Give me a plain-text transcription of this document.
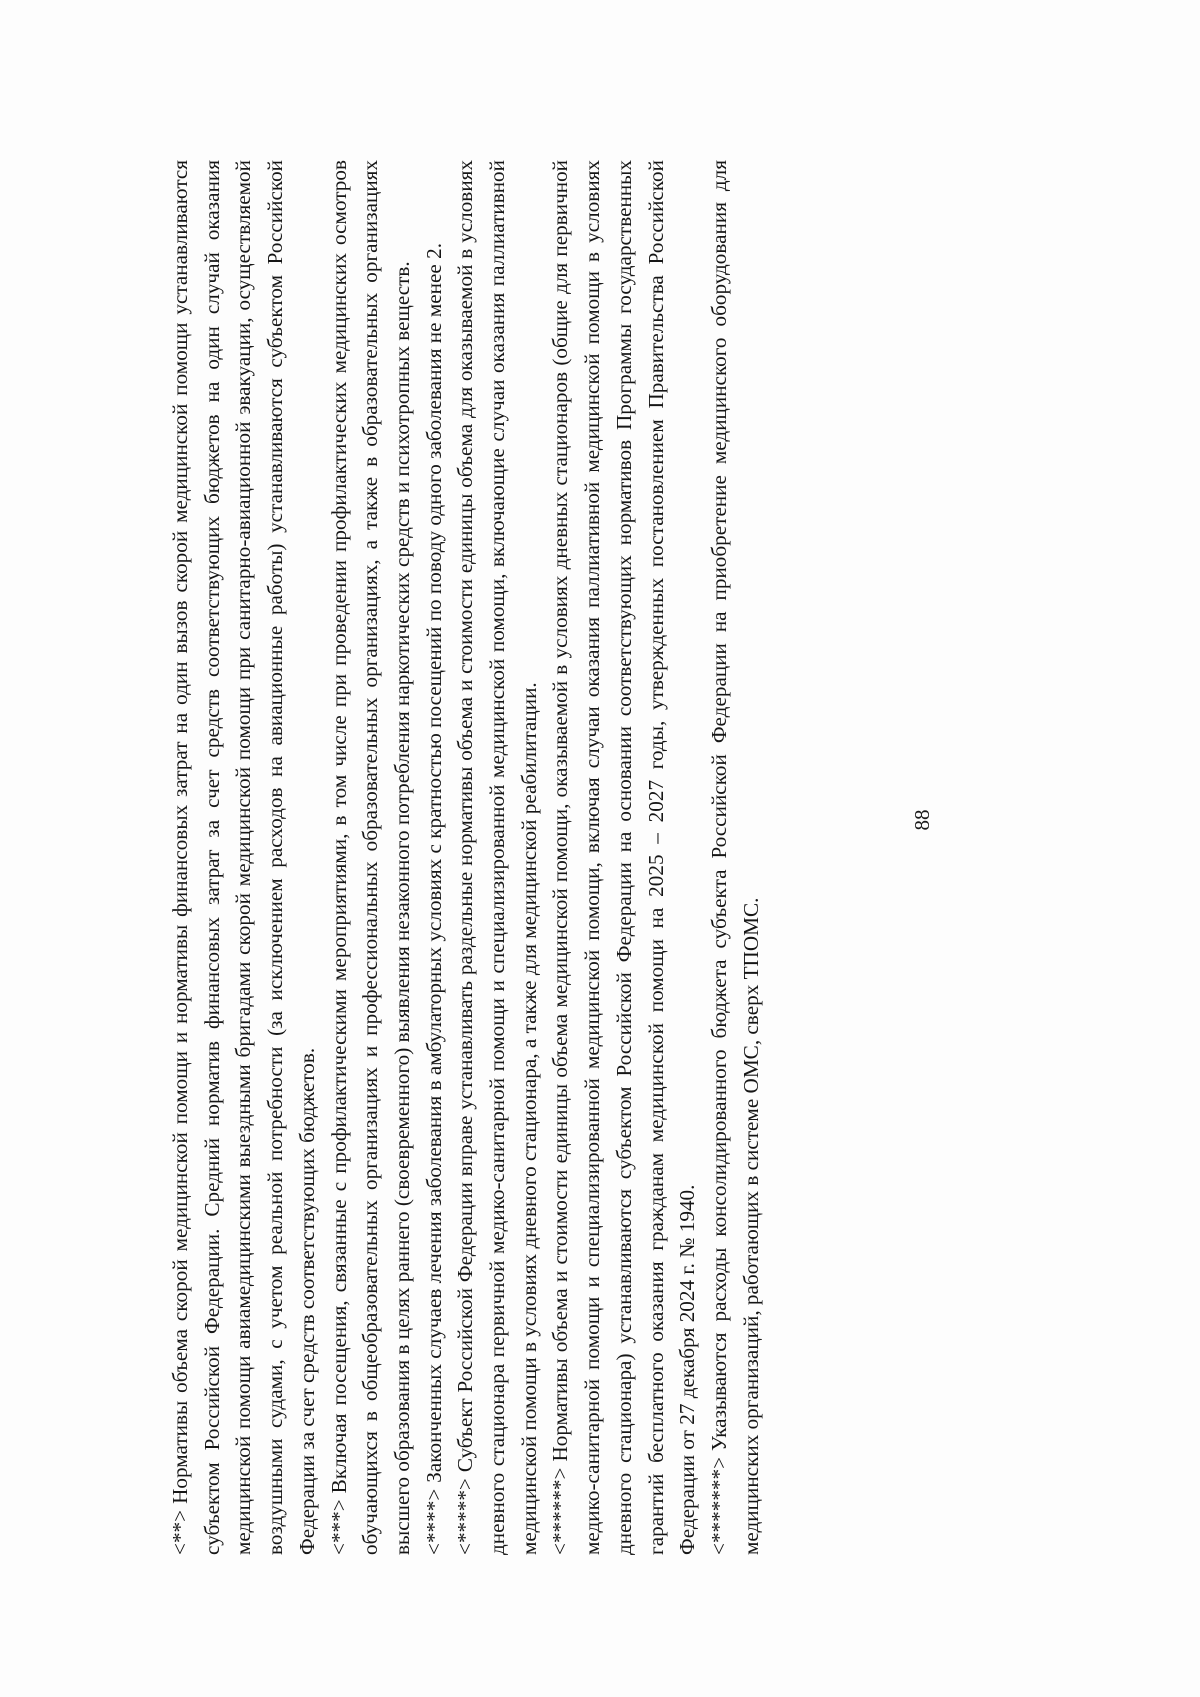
88

<**>Нормативы объема скорой медицинской помощи и нормативы финансовых затрат на один вызов скорой медицинской помощи устанавливаются субъектом Российской Федерации. Средний норматив финансовых затрат за счет средств соответствующих бюджетов на один случай оказания медицинской помощи авиамедицинскими выездными бригадами скорой медицинской помощи при санитарно-авиационной эвакуации, осуществляемой воздушными судами, с учетом реальной потребности (за исключением расходов на авиационные работы) устанавливаются субъектом Российской Федерации за счет средств соответствующих бюджетов. <***>Включая посещения, связанные с профилактическими мероприятиями, в том числе при проведении профилактических медицинских осмотров обучающихся в общеобразовательных организациях и профессиональных образовательных организациях, а также в образовательных организациях высшего образования в целях раннего (своевременного) выявления незаконного потребления наркотических средств и психотропных веществ. <****>Законченных случаев лечения заболевания в амбулаторных условиях с кратностью посещений по поводу одного заболевания не менее 2.

<*****>Субъект Российской Федерации вправе устанавливать раздельные нормативы объема и стоимости единицы объема для оказываемой в условиях дневного стационара первичной медико-санитарной помощи и специализированной медицинской помощи, включающие случаи оказания паллиативной медицинской помощи в условиях дневного стационара, а также для медицинской реабилитации. <******>Нормативы объема и стоимости единицы объема медицинской помощи, оказываемой в условиях дневных стационаров (общие для первичной медико-санитарной помощи и специализированной медицинской помощи, включая случаи оказания паллиативной медицинской помощи в условиях дневного стационара) устанавливаются субъектом Российской Федерации на основании соответствующих нормативов Программы государственных гарантий бесплатного оказания гражданам медицинской помощи на 2025 – 2027 годы, утвержденных постановлением Правительства Российской Федерации от 27 декабря 2024 г. № 1940. <*******>Указываются расходы консолидированного бюджета субъекта Российской Федерации на приобретение медицинского оборудования для медицинских организаций, работающих в системе ОМС, сверх ТПОМС.
